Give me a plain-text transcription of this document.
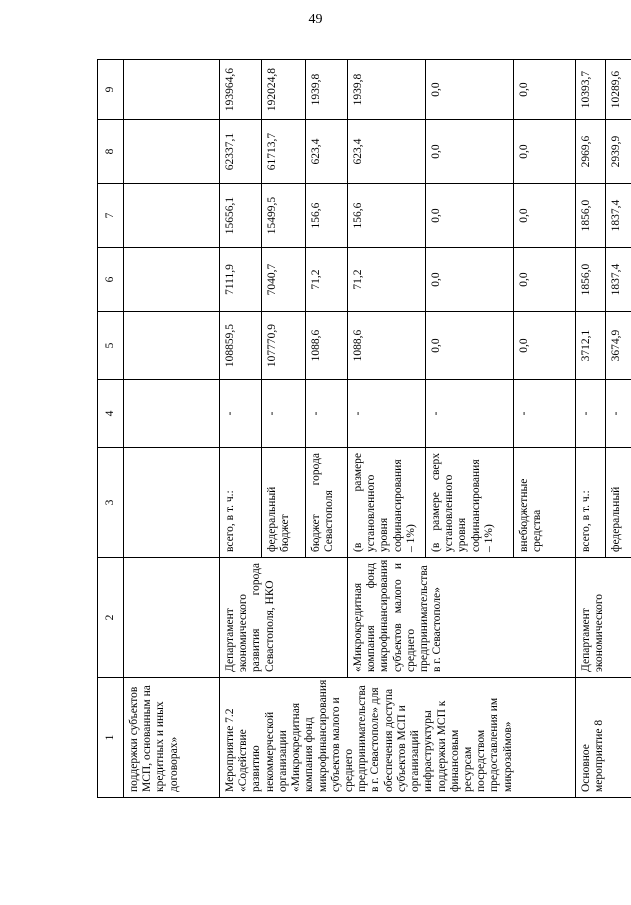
49
1	2	3	4	5	6	7	8	9
поддержки субъектов МСП, основанным на кредитных и иных договорах»								
Мероприятие 7.2 «Содействие развитию некоммерческой организации «Микрокредитная компания фонд микрофинансирования субъектов малого и среднего предпринимательства в г. Севастополе» для обеспечения доступа субъектов МСП и организаций инфраструктуры поддержки МСП к финансовым ресурсам посредством предоставления им микрозаймов»	Департамент экономического развития города Севастополя, НКО	всего, в т. ч.:	-	108859,5	7111,9	15656,1	62337,1	193964,6
		федеральный бюджет	-	107770,9	7040,7	15499,5	61713,7	192024,8
		бюджет города Севастополя	-	1088,6	71,2	156,6	623,4	1939,8
	«Микрокредитная компания фонд микрофинансирования субъектов малого и среднего предпринимательства в г. Севастополе»	(в размере установленного уровня софинансирования – 1%)	-	1088,6	71,2	156,6	623,4	1939,8
		(в размере сверх установленного уровня софинансирования – 1%)	-	0,0	0,0	0,0	0,0	0,0
		внебюджетные средства	-	0,0	0,0	0,0	0,0	0,0
Основное мероприятие 8	Департамент экономического	всего, в т. ч.:	-	3712,1	1856,0	1856,0	2969,6	10393,7
		федеральный	-	3674,9	1837,4	1837,4	2939,9	10289,6
